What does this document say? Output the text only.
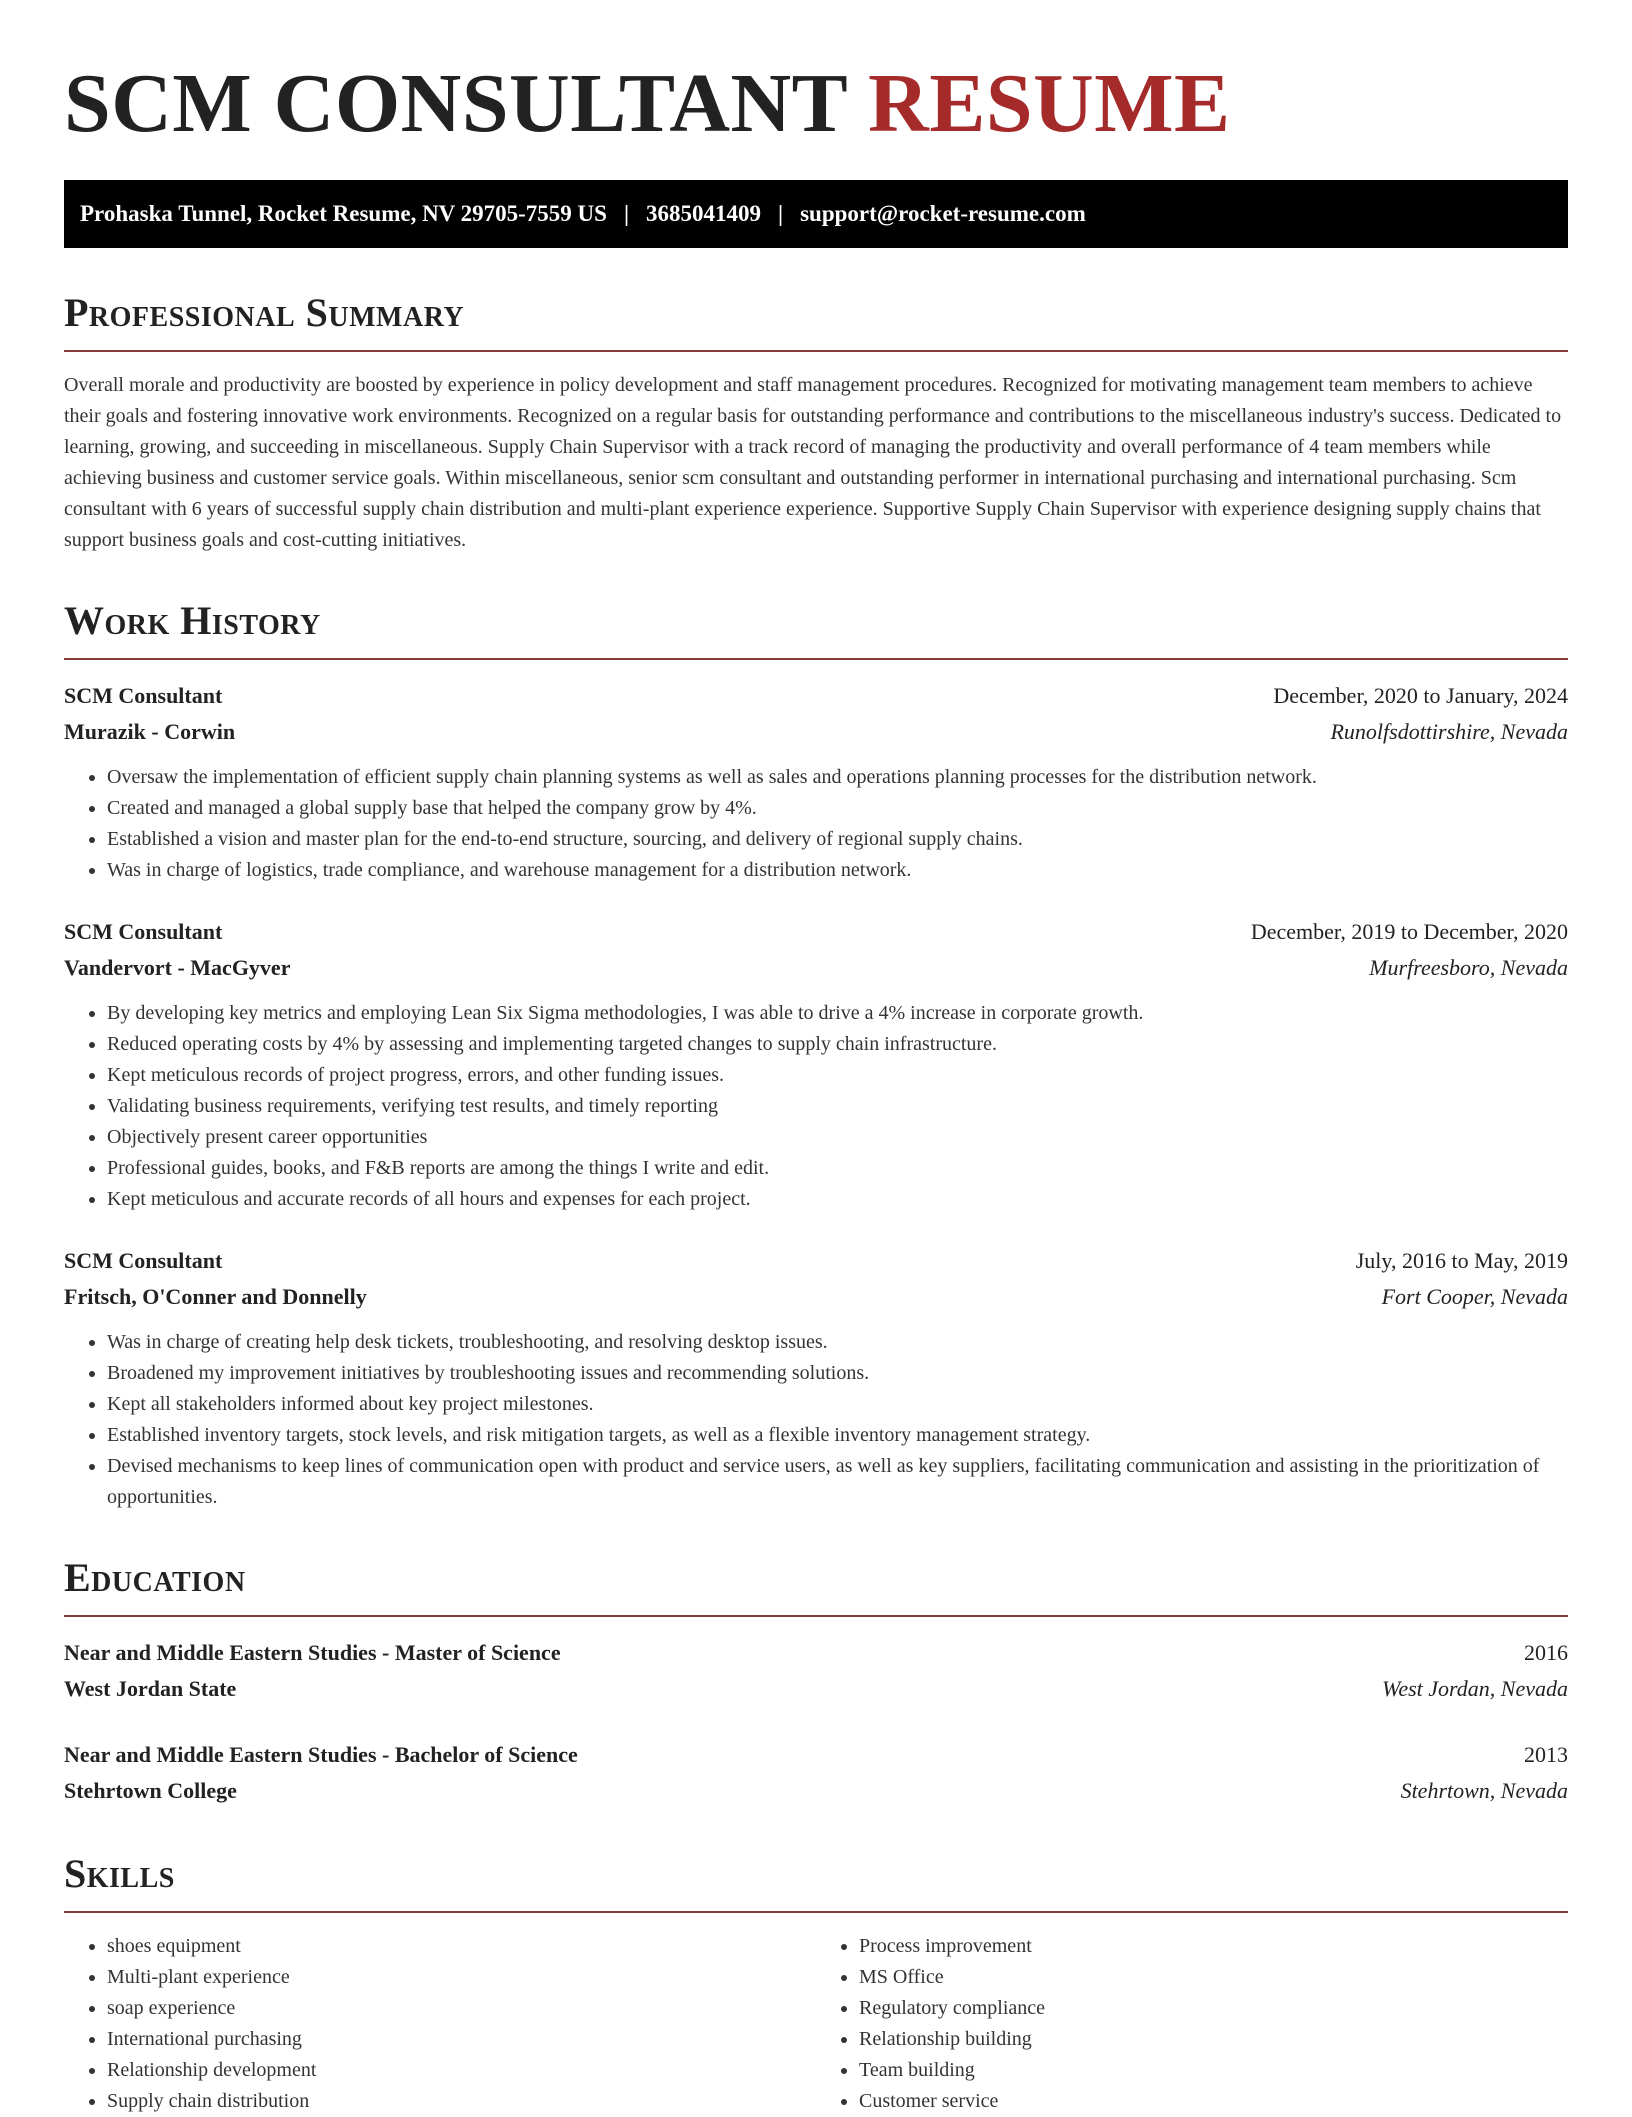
SCM CONSULTANT RESUME
Prohaska Tunnel, Rocket Resume, NV 29705-7559 US | 3685041409 | support@rocket-resume.com
Professional Summary

Overall morale and productivity are boosted by experience in policy development and staff management procedures. Recognized for motivating management team members to achieve their goals and fostering innovative work environments. Recognized on a regular basis for outstanding performance and contributions to the miscellaneous industry's success. Dedicated to learning, growing, and succeeding in miscellaneous. Supply Chain Supervisor with a track record of managing the productivity and overall performance of 4 team members while achieving business and customer service goals. Within miscellaneous, senior scm consultant and outstanding performer in international purchasing and international purchasing. Scm consultant with 6 years of successful supply chain distribution and multi-plant experience experience. Supportive Supply Chain Supervisor with experience designing supply chains that support business goals and cost-cutting initiatives.

Work History
SCM Consultant	December, 2020 to January, 2024
Murazik - Corwin	Runolfsdottirshire, Nevada
• Oversaw the implementation of efficient supply chain planning systems as well as sales and operations planning processes for the distribution network.
• Created and managed a global supply base that helped the company grow by 4%.
• Established a vision and master plan for the end-to-end structure, sourcing, and delivery of regional supply chains.
• Was in charge of logistics, trade compliance, and warehouse management for a distribution network.
SCM Consultant	December, 2019 to December, 2020
Vandervort - MacGyver	Murfreesboro, Nevada
• By developing key metrics and employing Lean Six Sigma methodologies, I was able to drive a 4% increase in corporate growth.
• Reduced operating costs by 4% by assessing and implementing targeted changes to supply chain infrastructure.
• Kept meticulous records of project progress, errors, and other funding issues.
• Validating business requirements, verifying test results, and timely reporting
• Objectively present career opportunities
• Professional guides, books, and F&B reports are among the things I write and edit.
• Kept meticulous and accurate records of all hours and expenses for each project.
SCM Consultant	July, 2016 to May, 2019
Fritsch, O'Conner and Donnelly	Fort Cooper, Nevada
• Was in charge of creating help desk tickets, troubleshooting, and resolving desktop issues.
• Broadened my improvement initiatives by troubleshooting issues and recommending solutions.
• Kept all stakeholders informed about key project milestones.
• Established inventory targets, stock levels, and risk mitigation targets, as well as a flexible inventory management strategy.
• Devised mechanisms to keep lines of communication open with product and service users, as well as key suppliers, facilitating communication and assisting in the prioritization of opportunities.
Education
Near and Middle Eastern Studies - Master of Science	2016
West Jordan State	West Jordan, Nevada
Near and Middle Eastern Studies - Bachelor of Science	2013
Stehrtown College	Stehrtown, Nevada
Skills
• shoes equipment
• Multi-plant experience
• soap experience
• International purchasing
• Relationship development
• Supply chain distribution
• Process improvement
• MS Office
• Regulatory compliance
• Relationship building
• Team building
• Customer service
